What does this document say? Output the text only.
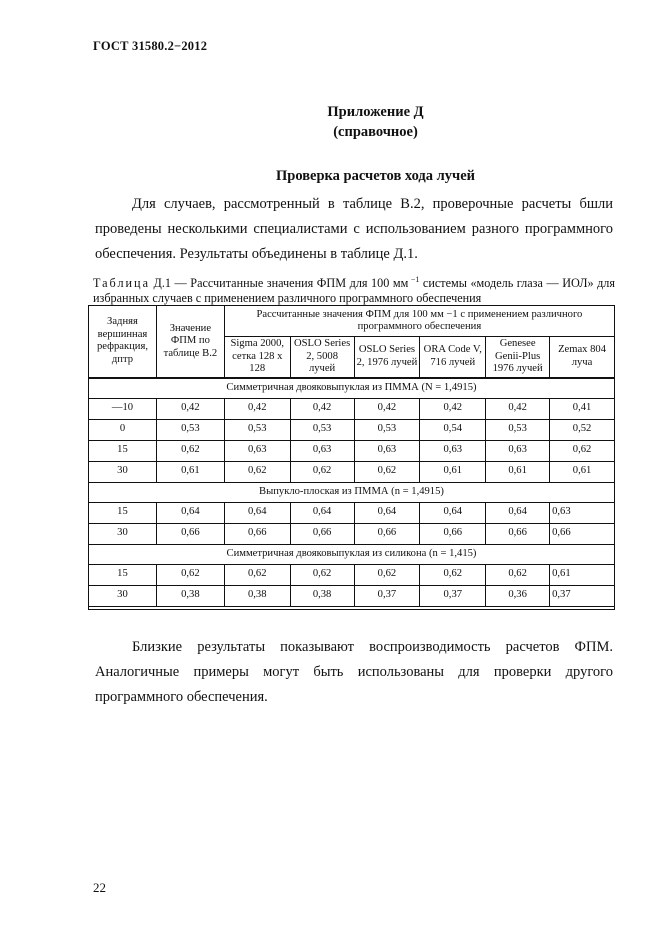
ГОСТ 31580.2−2012
Приложение Д
(справочное)
Проверка расчетов хода лучей

Для случаев, рассмотренный в таблице В.2, проверочные расчеты бшли проведены несколькими специалистами с использованием разного программного обеспечения. Результаты объединены в таблице Д.1.

Таблица Д.1 — Рассчитанные значения ФПМ для 100 мм $^{-1}$ системы «модель глаза — ИОЛ» для избранных случаев с применением различного программного обеспечения
Задняя вершинная рефракция, дптр	Значение ФПМ по таблице В.2	Рассчитанные значения ФПМ для 100 мм −1 с применением различного программного обеспечения					
		Sigma 2000, сетка 128 x 128	OSLO Series 2, 5008 лучей	OSLO Series 2, 1976 лучей	ORA Code V, 716 лучей	Genesee Genii-Plus 1976 лучей	Zemax 804 луча
Симметричная двояковыпуклая из ПММА (N = 1,4915)							
—10	0,42	0,42	0,42	0,42	0,42	0,42	0,41
0	0,53	0,53	0,53	0,53	0,54	0,53	0,52
15	0,62	0,63	0,63	0,63	0,63	0,63	0,62
30	0,61	0,62	0,62	0,62	0,61	0,61	0,61
Выпукло-плоская из ПММА (n = 1,4915)							
15	0,64	0,64	0,64	0,64	0,64	0,64	0,63
30	0,66	0,66	0,66	0,66	0,66	0,66	0,66
Симметричная двояковыпуклая из силикона (n = 1,415)							
15	0,62	0,62	0,62	0,62	0,62	0,62	0,61
30	0,38	0,38	0,38	0,37	0,37	0,36	0,37

Близкие результаты показывают воспроизводимость расчетов ФПМ. Аналогичные примеры могут быть использованы для проверки другого программного обеспечения.

22
